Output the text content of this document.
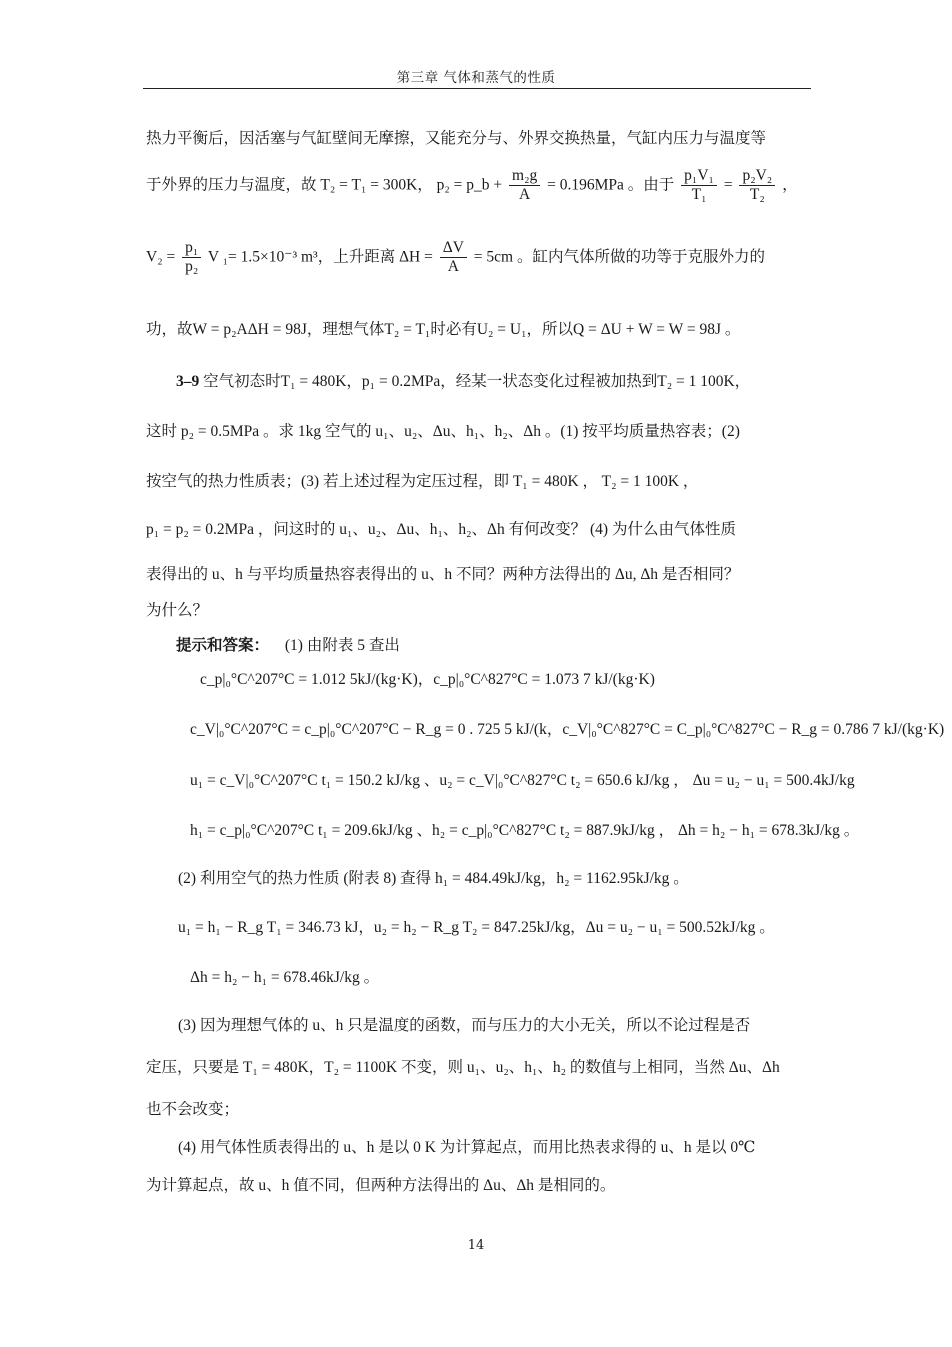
第三章 气体和蒸气的性质
热力平衡后，因活塞与气缸壁间无摩擦，又能充分与、外界交换热量，气缸内压力与温度等
于外界的压力与温度，故 T₂ = T₁ = 300K， p₂ = p_b + $\frac{\text{m₂g}}{A} = 0.196MPa$ 。由于 $\frac{\text{p₁V₁}}{\text{T₁}} = \frac{\text{p₂V₂}}{\text{T₂}}$ ，
$V_2 = \frac{\text{p₁}}{\text{p₂}}$ V ₁= 1.5×10⁻³ m³，上升距离 $\Delta H = \frac{\Delta V}{A} = 5cm$ 。缸内气体所做的功等于克服外力的
功，故W = p₂AΔH = 98J，理想气体T₂ = T₁时必有U₂ = U₁，所以Q = ΔU + W = W = 98J 。
3–9 空气初态时T₁ = 480K，p₁ = 0.2MPa，经某一状态变化过程被加热到T₂ = 1 100K，
这时 p₂ = 0.5MPa 。求 1kg 空气的 u₁、u₂、Δu、h₁、h₂、Δh 。(1) 按平均质量热容表；(2)
按空气的热力性质表；(3) 若上述过程为定压过程，即 T₁ = 480K ， T₂ = 1 100K ，
p₁ = p₂ = 0.2MPa ，问这时的 u₁、u₂、Δu、h₁、h₂、Δh 有何改变？ (4) 为什么由气体性质
表得出的 u、h 与平均质量热容表得出的 u、h 不同？两种方法得出的 Δu, Δh 是否相同？
为什么？
提示和答案： (1) 由附表 5 查出
c_p|₀°C^207°C = 1.012 5kJ/(kg·K)，c_p|₀°C^827°C = 1.073 7 kJ/(kg·K)
c_V|₀°C^207°C = c_p|₀°C^207°C − R_g = 0 . 725 5 kJ/(k，c_V|₀°C^827°C = C_p|₀°C^827°C − R_g = 0.786 7 kJ/(kg·K)
u₁ = c_V|₀°C^207°C t₁ = 150.2 kJ/kg 、u₂ = c_V|₀°C^827°C t₂ = 650.6 kJ/kg ， Δu = u₂ − u₁ = 500.4kJ/kg
h₁ = c_p|₀°C^207°C t₁ = 209.6kJ/kg 、h₂ = c_p|₀°C^827°C t₂ = 887.9kJ/kg ， Δh = h₂ − h₁ = 678.3kJ/kg 。
(2) 利用空气的热力性质 (附表 8) 查得 h₁ = 484.49kJ/kg，h₂ = 1162.95kJ/kg 。
u₁ = h₁ − R_g T₁ = 346.73 kJ，u₂ = h₂ − R_g T₂ = 847.25kJ/kg，Δu = u₂ − u₁ = 500.52kJ/kg 。
Δh = h₂ − h₁ = 678.46kJ/kg 。
(3) 因为理想气体的 u、h 只是温度的函数，而与压力的大小无关，所以不论过程是否
定压，只要是 T₁ = 480K，T₂ = 1100K 不变，则 u₁、u₂、h₁、h₂ 的数值与上相同，当然 Δu、Δh
也不会改变；
(4) 用气体性质表得出的 u、h 是以 0 K 为计算起点，而用比热表求得的 u、h 是以 0℃
为计算起点，故 u、h 值不同，但两种方法得出的 Δu、Δh 是相同的。
14
